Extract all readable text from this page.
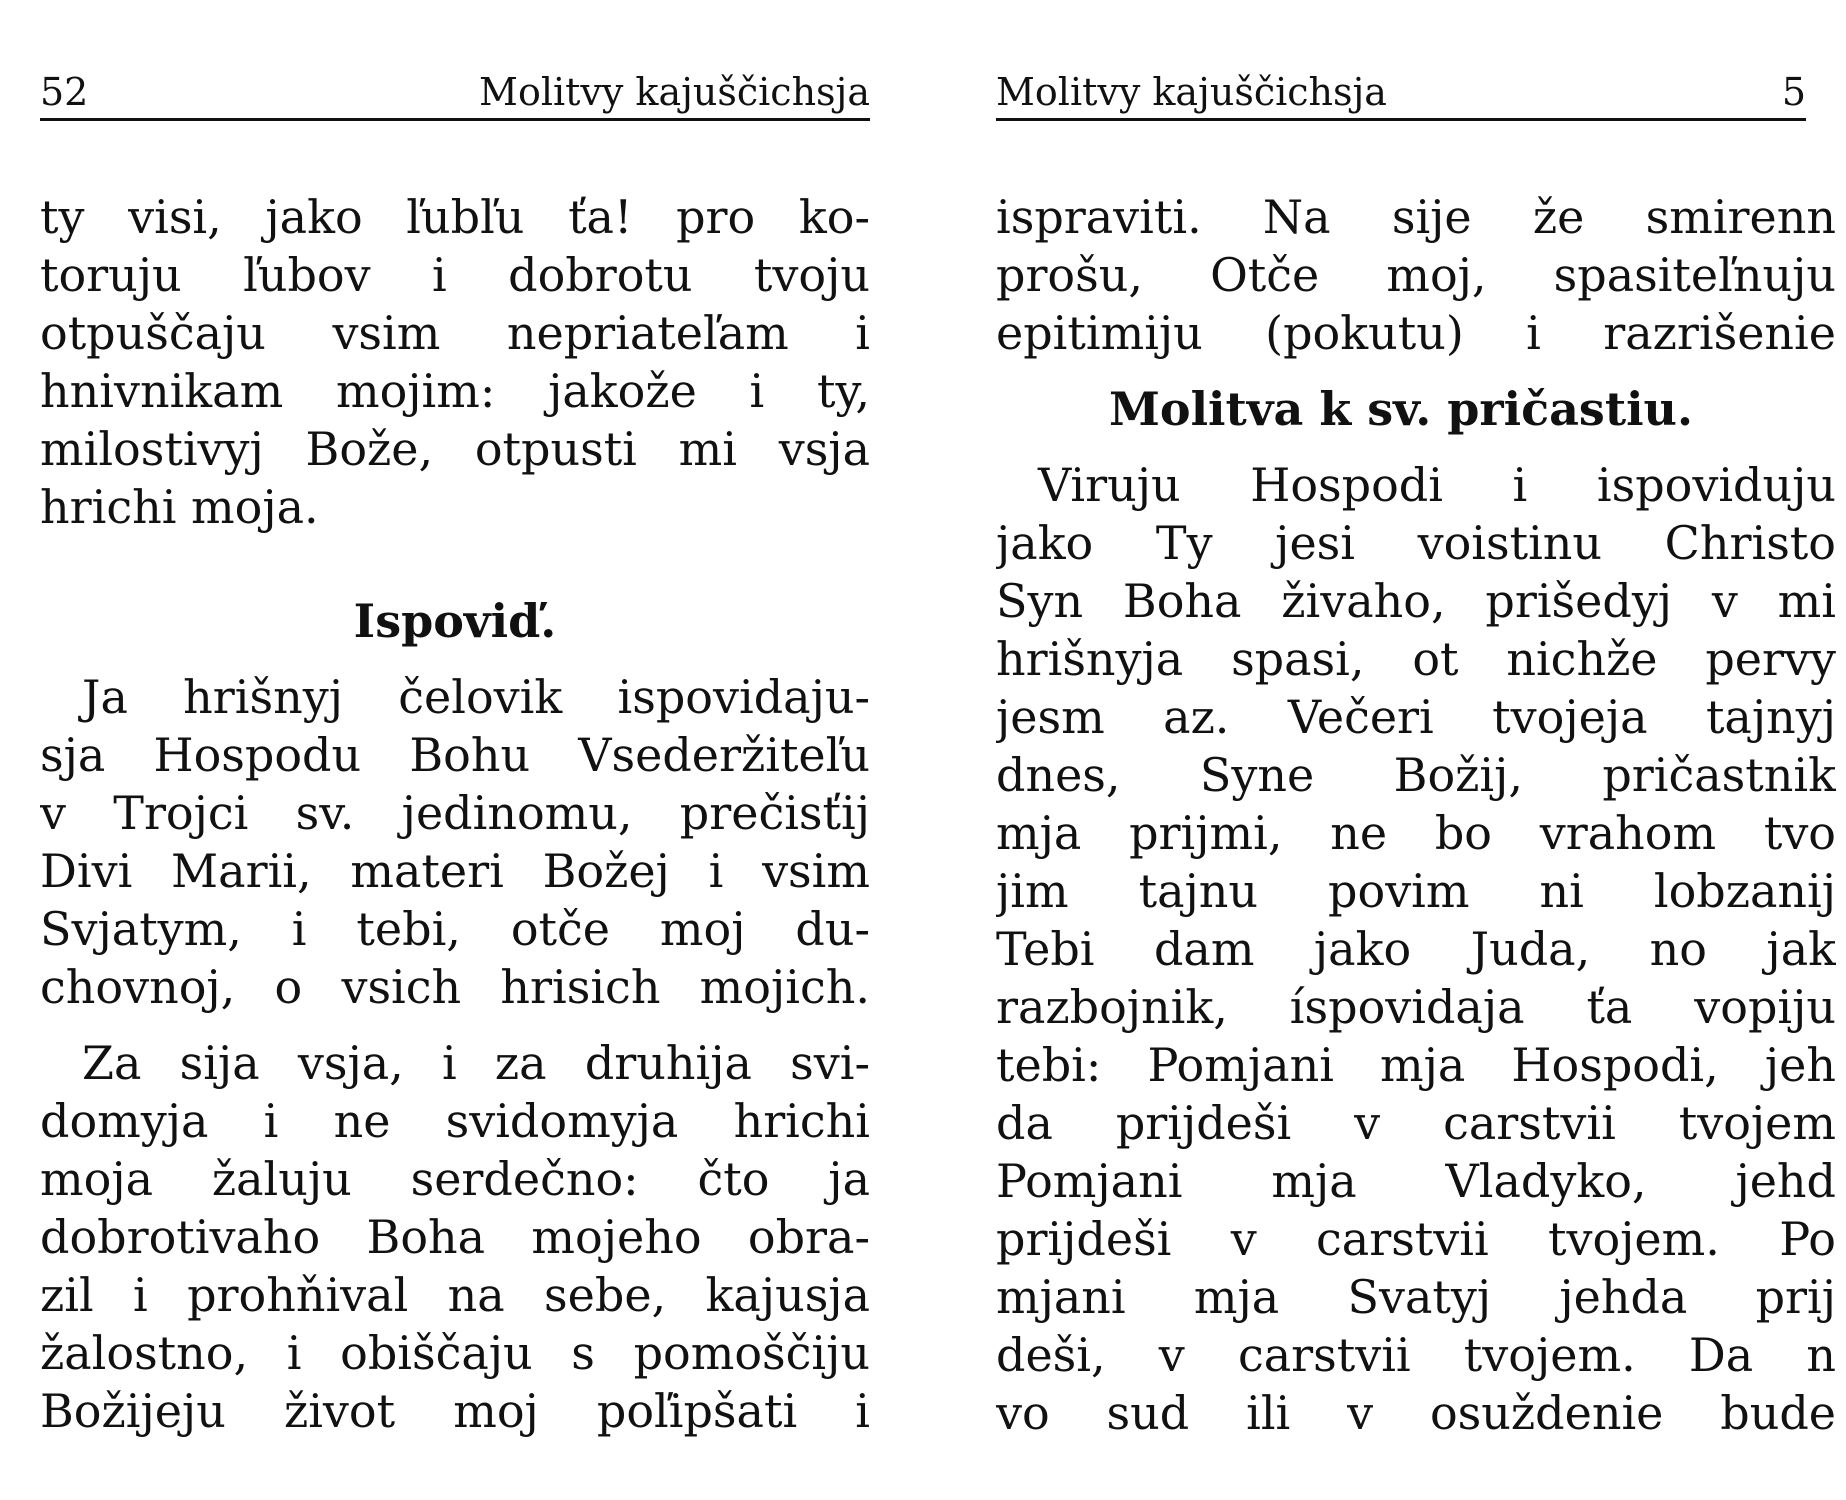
52	Molitvy kajuščichsja
ty visi, jako ľubľu ťa! pro ko-
toruju ľubov i dobrotu tvoju
otpuščaju vsim nepriateľam i
hnivnikam mojim: jakože i ty,
milostivyj Bože, otpusti mi vsja
hrichi moja.
Ispoviď.
Ja hrišnyj čelovik ispovidaju-
sja Hospodu Bohu Vsederžiteľu
v Trojci sv. jedinomu, prečisťij
Divi Marii, materi Božej i vsim
Svjatym, i tebi, otče moj du-
chovnoj, o vsich hrisich mojich.
Za sija vsja, i za druhija svi-
domyja i ne svidomyja hrichi
moja žaluju serdečno: čto ja
dobrotivaho Boha mojeho obra-
zil i prohňival na sebe, kajusja
žalostno, i obiščaju s pomoščiju
Božijeju život moj poľipšati i
Molitvy kajuščichsja	5
ispraviti. Na sije že smirenn
prošu, Otče moj, spasiteľnuju
epitimiju (pokutu) i razrišenie
Molitva k sv. pričastiu.
Viruju Hospodi i ispoviduju
jako Ty jesi voistinu Christo
Syn Boha živaho, prišedyj v mi
hrišnyja spasi, ot nichže pervy
jesm az. Večeri tvojeja tajnyj
dnes, Syne Božij, pričastnik
mja prijmi, ne bo vrahom tvo
jim tajnu povim ni lobzanij
Tebi dam jako Juda, no jak
razbojnik, íspovidaja ťa vopiju
tebi: Pomjani mja Hospodi, jeh
da prijdeši v carstvii tvojem
Pomjani mja Vladyko, jehd
prijdeši v carstvii tvojem. Po
mjani mja Svatyj jehda prij
deši, v carstvii tvojem. Da n
vo sud ili v osuždenie bude
